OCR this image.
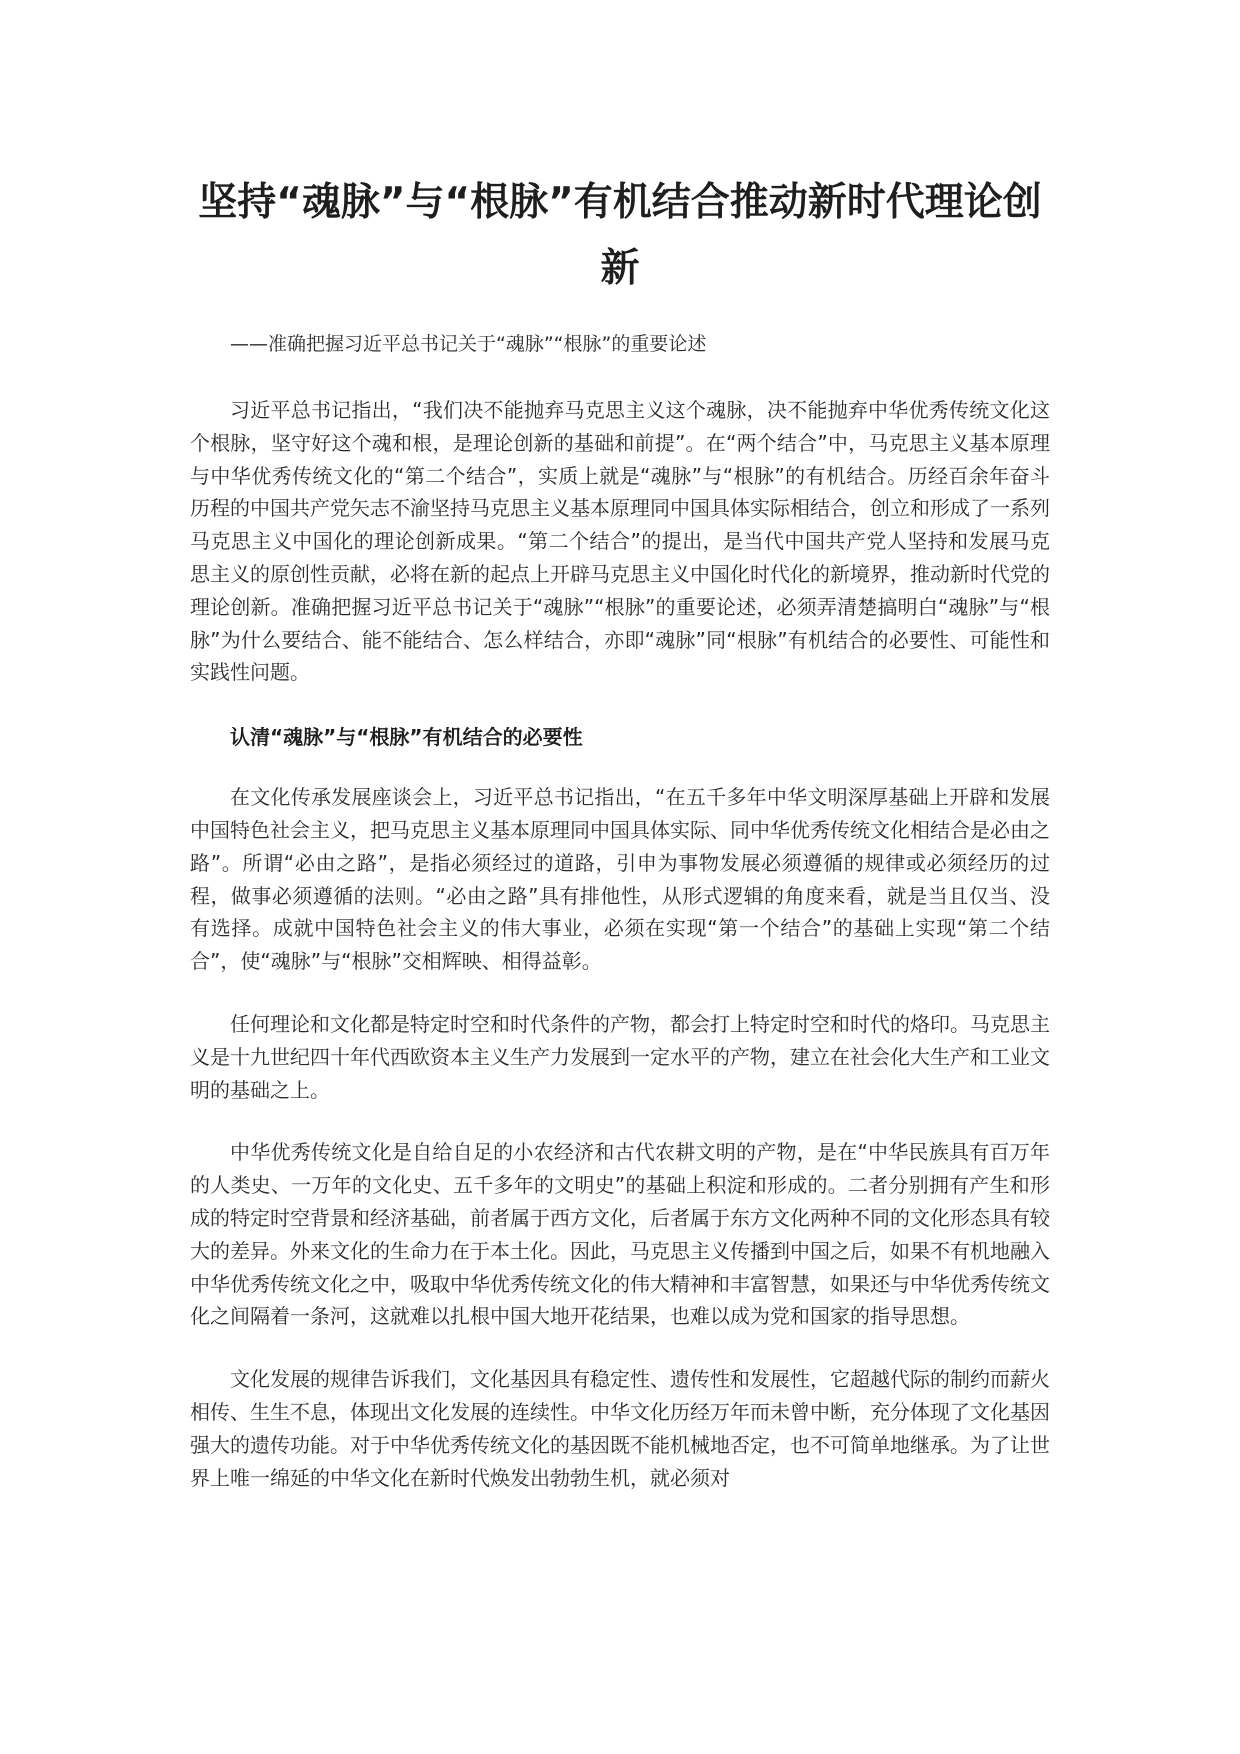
坚持“魂脉”与“根脉”有机结合推动新时代理论创新

——准确把握习近平总书记关于“魂脉”“根脉”的重要论述

习近平总书记指出，“我们决不能抛弃马克思主义这个魂脉，决不能抛弃中华优秀传统文化这个根脉，坚守好这个魂和根，是理论创新的基础和前提”。在“两个结合”中，马克思主义基本原理与中华优秀传统文化的“第二个结合”，实质上就是“魂脉”与“根脉”的有机结合。历经百余年奋斗历程的中国共产党矢志不渝坚持马克思主义基本原理同中国具体实际相结合，创立和形成了一系列马克思主义中国化的理论创新成果。“第二个结合”的提出，是当代中国共产党人坚持和发展马克思主义的原创性贡献，必将在新的起点上开辟马克思主义中国化时代化的新境界，推动新时代党的理论创新。准确把握习近平总书记关于“魂脉”“根脉”的重要论述，必须弄清楚搞明白“魂脉”与“根脉”为什么要结合、能不能结合、怎么样结合，亦即“魂脉”同“根脉”有机结合的必要性、可能性和实践性问题。

认清“魂脉”与“根脉”有机结合的必要性

在文化传承发展座谈会上，习近平总书记指出，“在五千多年中华文明深厚基础上开辟和发展中国特色社会主义，把马克思主义基本原理同中国具体实际、同中华优秀传统文化相结合是必由之路”。所谓“必由之路”，是指必须经过的道路，引申为事物发展必须遵循的规律或必须经历的过程，做事必须遵循的法则。“必由之路”具有排他性，从形式逻辑的角度来看，就是当且仅当、没有选择。成就中国特色社会主义的伟大事业，必须在实现“第一个结合”的基础上实现“第二个结合”，使“魂脉”与“根脉”交相辉映、相得益彰。

任何理论和文化都是特定时空和时代条件的产物，都会打上特定时空和时代的烙印。马克思主义是十九世纪四十年代西欧资本主义生产力发展到一定水平的产物，建立在社会化大生产和工业文明的基础之上。

中华优秀传统文化是自给自足的小农经济和古代农耕文明的产物，是在“中华民族具有百万年的人类史、一万年的文化史、五千多年的文明史”的基础上积淀和形成的。二者分别拥有产生和形成的特定时空背景和经济基础，前者属于西方文化，后者属于东方文化两种不同的文化形态具有较大的差异。外来文化的生命力在于本土化。因此，马克思主义传播到中国之后，如果不有机地融入中华优秀传统文化之中，吸取中华优秀传统文化的伟大精神和丰富智慧，如果还与中华优秀传统文化之间隔着一条河，这就难以扎根中国大地开花结果，也难以成为党和国家的指导思想。

文化发展的规律告诉我们，文化基因具有稳定性、遗传性和发展性，它超越代际的制约而薪火相传、生生不息，体现出文化发展的连续性。中华文化历经万年而未曾中断，充分体现了文化基因强大的遗传功能。对于中华优秀传统文化的基因既不能机械地否定，也不可简单地继承。为了让世界上唯一绵延的中华文化在新时代焕发出勃勃生机，就必须对
